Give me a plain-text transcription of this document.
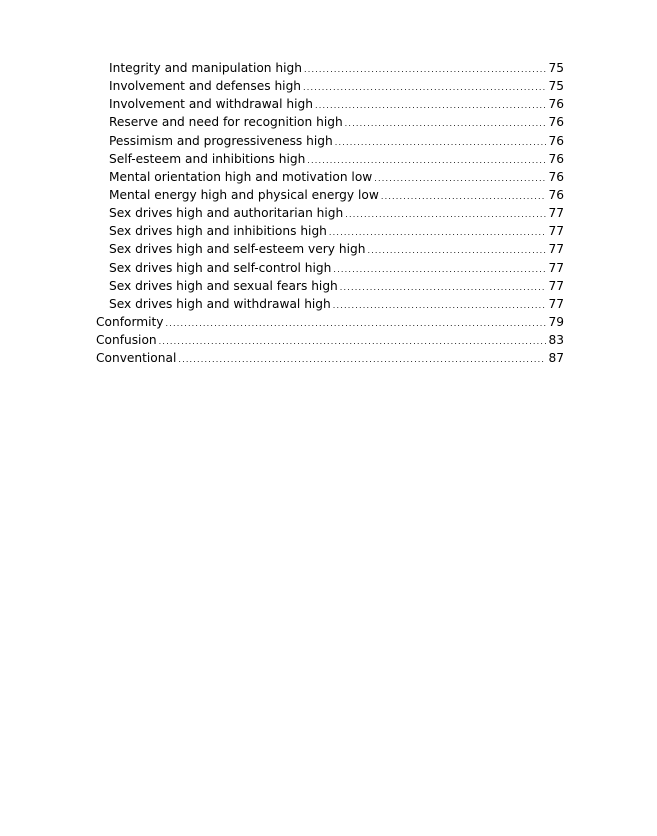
Integrity and manipulation high .....	75
Involvement and defenses high .....	75
Involvement and withdrawal high .....	76
Reserve and need for recognition high .....	76
Pessimism and progressiveness high .....	76
Self-esteem and inhibitions high .....	76
Mental orientation high and motivation low .....	76
Mental energy high and physical energy low .....	76
Sex drives high and authoritarian high .....	77
Sex drives high and inhibitions high .....	77
Sex drives high and self-esteem very high .....	77
Sex drives high and self-control high .....	77
Sex drives high and sexual fears high .....	77
Sex drives high and withdrawal high .....	77
Conformity .....	79
Confusion .....	83
Conventional .....	87
